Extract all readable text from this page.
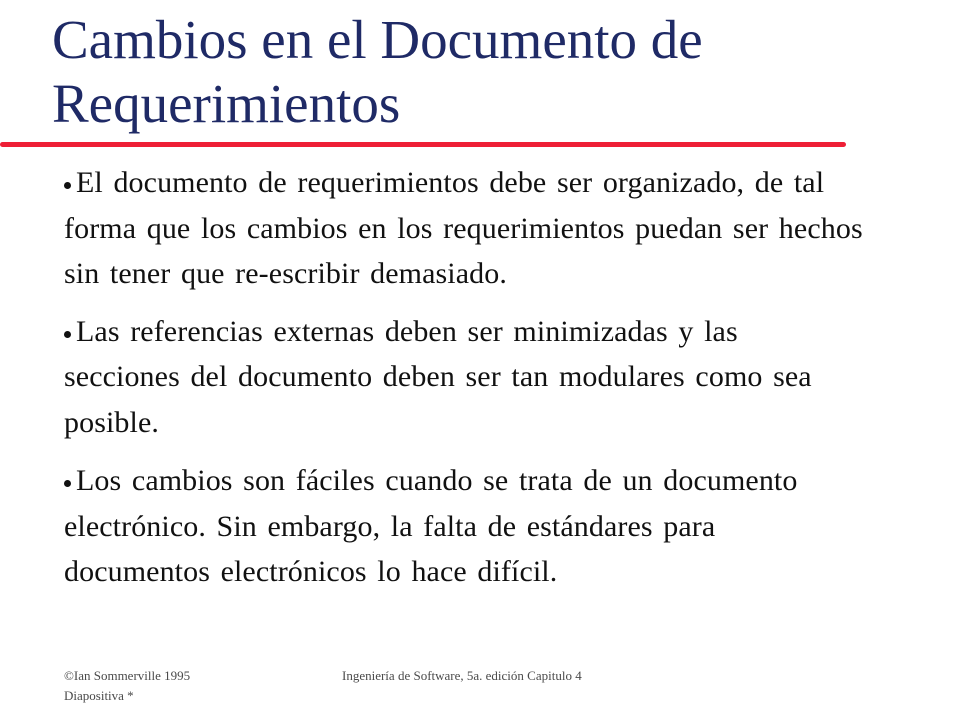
Cambios en el Documento de Requerimientos
El documento de requerimientos debe ser organizado, de tal forma que los cambios en los requerimientos puedan ser hechos sin tener que re-escribir demasiado.
Las referencias externas deben ser minimizadas y las secciones del documento deben ser tan modulares como sea posible.
Los cambios son fáciles cuando se trata de un documento electrónico. Sin embargo, la falta de estándares para documentos electrónicos lo hace difícil.
©Ian Sommerville 1995
Diapositiva *
Ingeniería de Software, 5a. edición Capitulo 4
